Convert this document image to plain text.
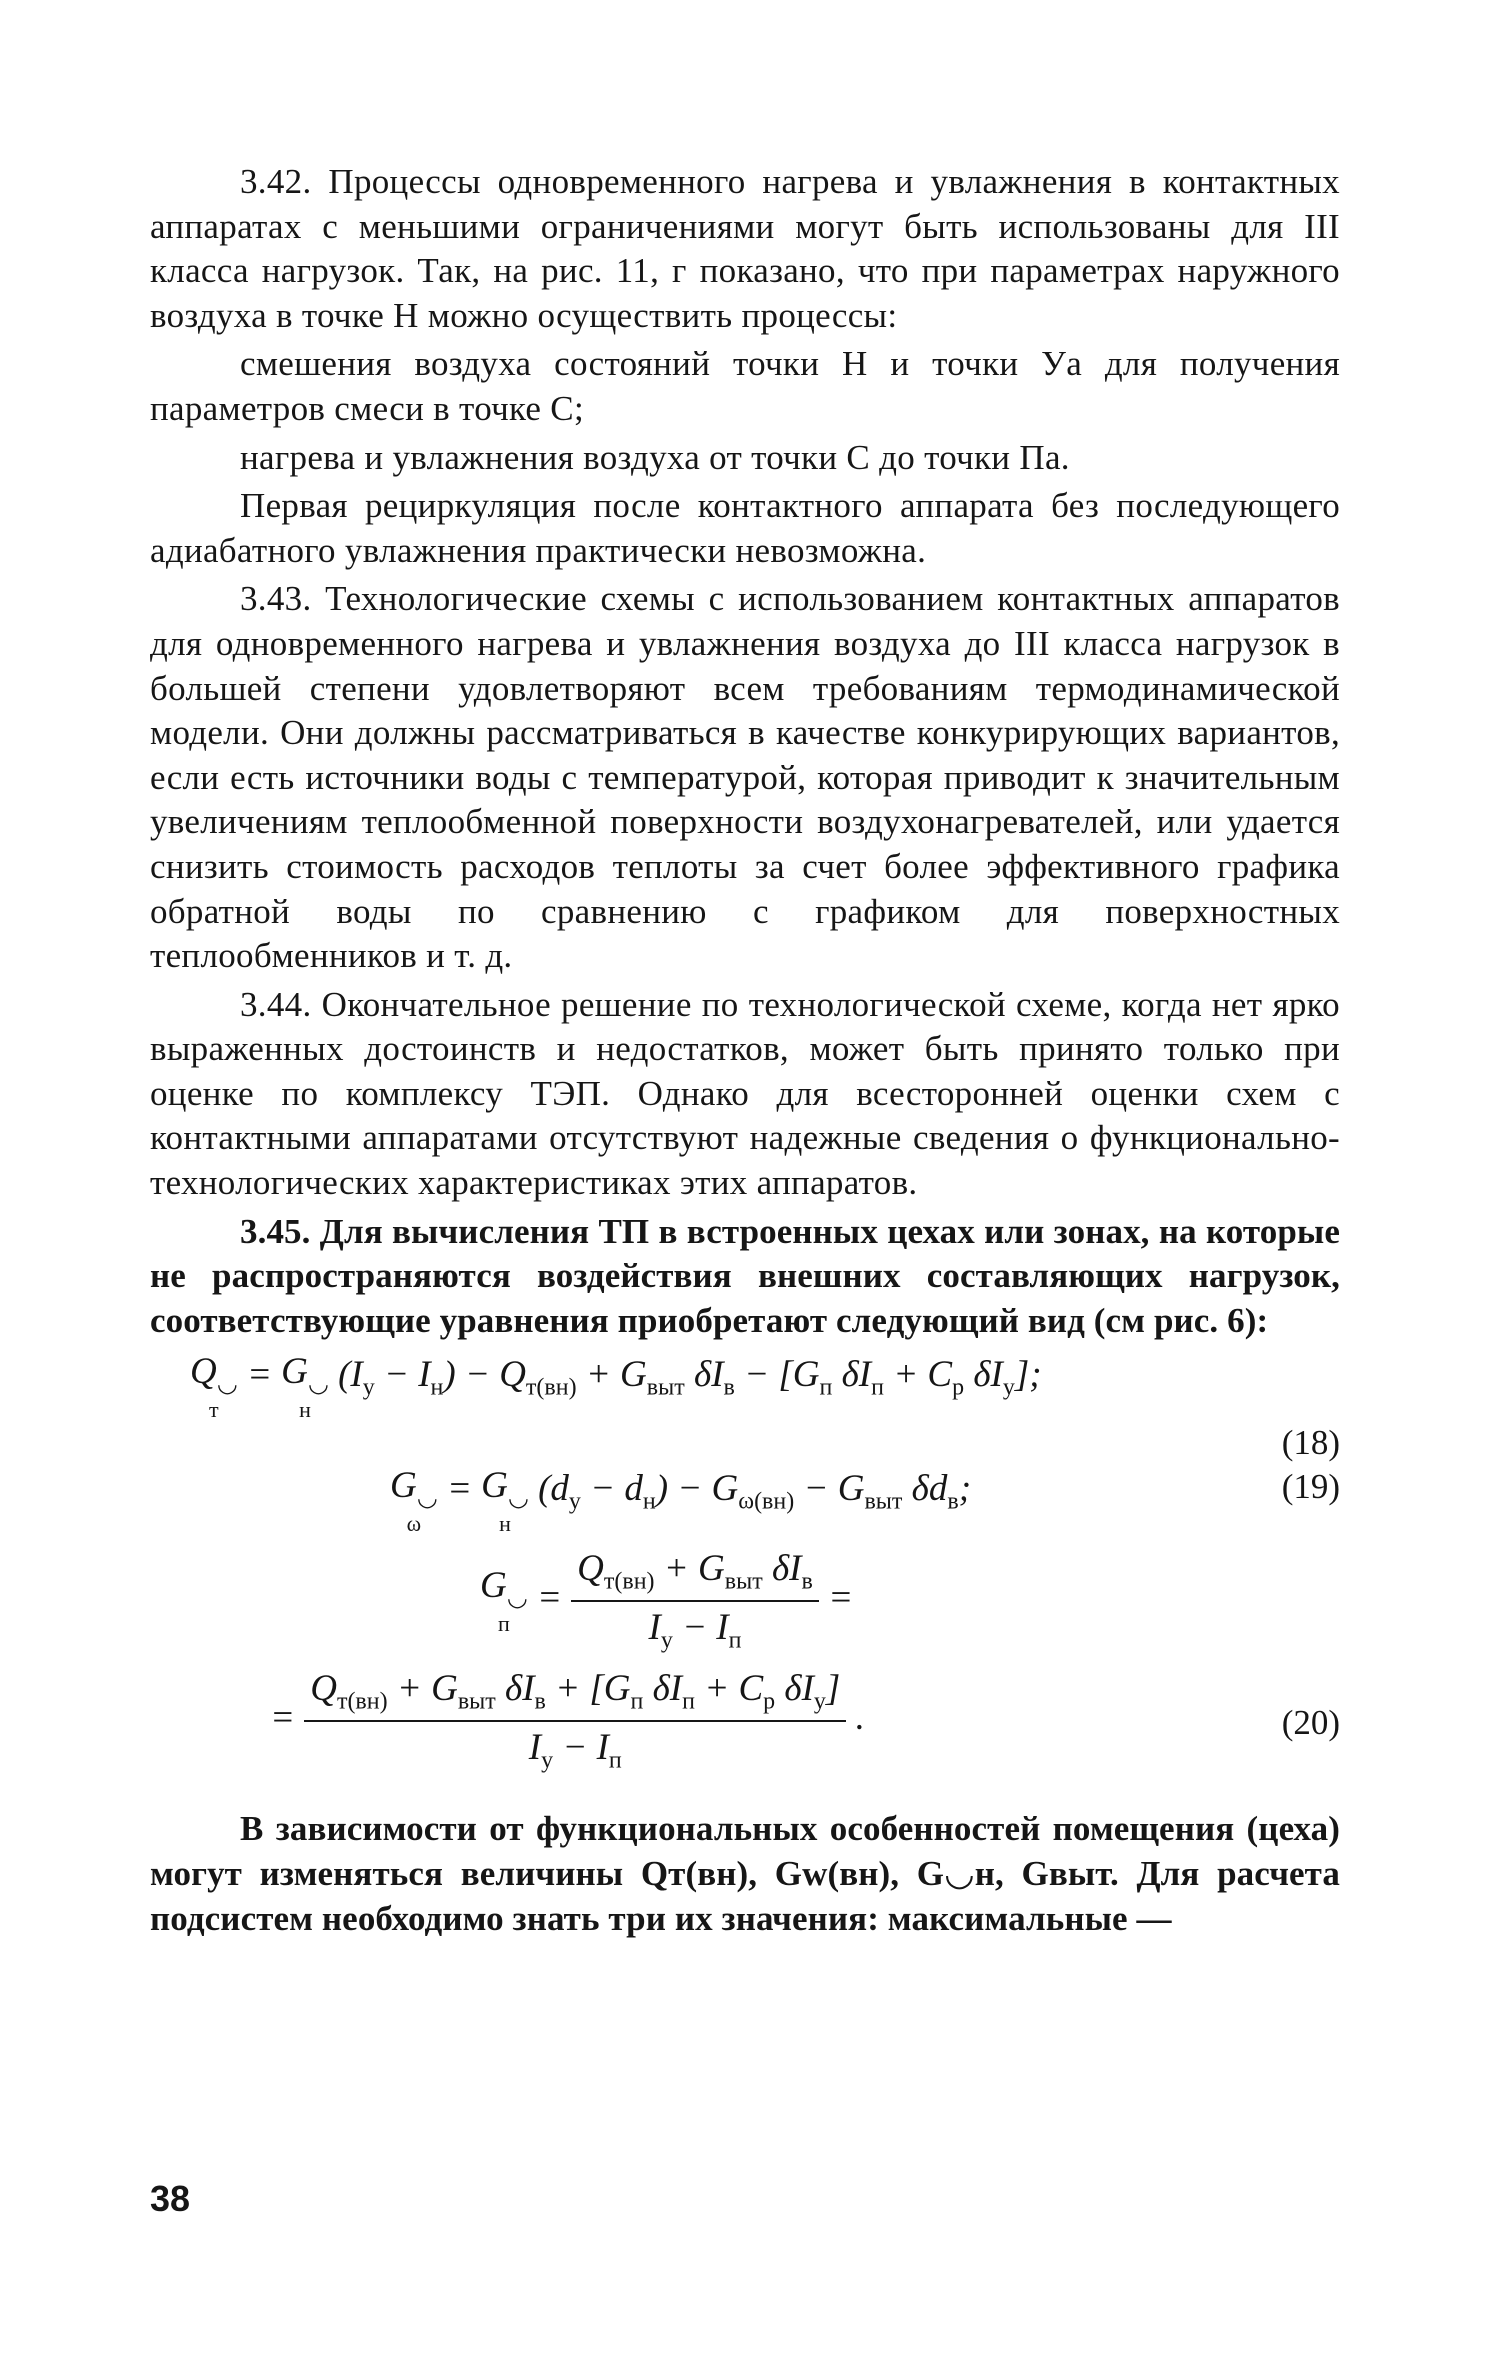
3.42. Процессы одновременного нагрева и увлажнения в контактных аппаратах с меньшими ограничениями могут быть использованы для III класса нагрузок. Так, на рис. 11, г показано, что при параметрах наружного воздуха в точке Н можно осуществить процессы:

смешения воздуха состояний точки Н и точки Уа для получения параметров смеси в точке С;

нагрева и увлажнения воздуха от точки С до точки Па.

Первая рециркуляция после контактного аппарата без последующего адиабатного увлажнения практически невозможна.

3.43. Технологические схемы с использованием контактных аппаратов для одновременного нагрева и увлажнения воздуха до III класса нагрузок в большей степени удовлетворяют всем требованиям термодинамической модели. Они должны рассматриваться в качестве конкурирующих вариантов, если есть источники воды с температурой, которая приводит к значительным увеличениям теплообменной поверхности воздухонагревателей, или удается снизить стоимость расходов теплоты за счет более эффективного графика обратной воды по сравнению с графиком для поверхностных теплообменников и т. д.

3.44. Окончательное решение по технологической схеме, когда нет ярко выраженных достоинств и недостатков, может быть принято только при оценке по комплексу ТЭП. Однако для всесторонней оценки схем с контактными аппаратами отсутствуют надежные сведения о функционально-технологических характеристиках этих аппаратов.

3.45. Для вычисления ТП в встроенных цехах или зонах, на которые не распространяются воздействия внешних составляющих нагрузок, соответствующие уравнения приобретают следующий вид (см рис. 6):

$Q_◡$
т
= $G_◡$
н
$(I_у - I_н) - Q_{т(вн)} + G_{выт}$ $\delta I_в - [G_п$ $\delta I_п + C_р$ $\delta I_у$];
(18)
$G_◡$
ω
= $G_◡$
н
$(d_у - d_н) - G_{\omega(вн)} - G_{выт}$ $\delta d_в$;	(19)
$G_◡$
п
= $\frac{Q_{т(вн)} + G_{выт} \delta I_в}{I_у - I_п}$ =
= $\frac{Q_{т(вн)} + G_{выт} \delta I_в + [G_п \delta I_п + C_р \delta I_у]}{I_у - I_п}$ .	(20)

В зависимости от функциональных особенностей помещения (цеха) могут изменяться величины Qт(вн), Gw(вн), G◡н, Gвыт. Для расчета подсистем необходимо знать три их значения: максимальные —

38
